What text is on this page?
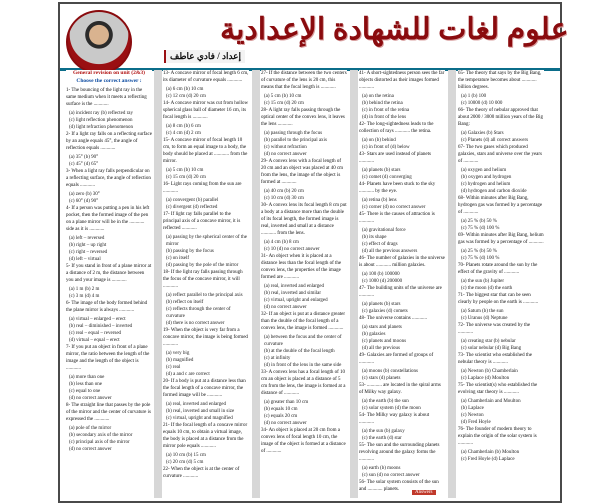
إعداد / فادي عاطف
علوم لغات للشهادة الإعدادية
General revision on unit (2&3)
Choose the correct answer :
1- The bouncing of the light ray in the same medium when it meets a reflecting surface is the ............
(a) incident ray (b) reflected ray
(c) light reflection phenomenon
(d) light refraction phenomenon
2- If a light ray falls on a reflecting surface by an angle equals 45°, the angle of reflection equals ............
(a) 35° (b) 90°
(c) 45° (d) 65°
3- When a light ray falls perpendicular on a reflecting surface, the angle of reflection equals ............
(a) zero (b) 30°
(c) 60° (d) 90°
4- If a person was putting a pen in his left pocket, then the formed image of the pen on a plane mirror will be in the ............ side as it is ............
(a) left – reversed
(b) right – up right
(c) right – reversed
(d) left – virtual
5- If you stand in front of a plane mirror at a distance of 2 m, the distance between you and your image is ............
(a) 1 m (b) 2 m
(c) 3 m (d) 4 m
6- The image of the body formed behind the plane mirror is always ............
(a) virtual – enlarged – erect
(b) real – diminished – inverted
(c) real – equal – reversed
(d) virtual – equal – erect
7- If you put an object in front of a plane mirror, the ratio between the length of the image and the length of the object is ............
(a) more than one
(b) less than one
(c) equal to one
(d) no correct answer
8- The straight line that passes by the pole of the mirror and the center of curvature is expressed the ............
(a) pole of the mirror
(b) secondary axis of the mirror
(c) principal axis of the mirror
(d) no correct answer
13- A concave mirror of focal length 6 cm, its diameter of curvature equals ............
(a) 6 cm (b) 10 cm
(c) 12 cm (d) 20 cm
14- A concave mirror was cut from hollow spherical glass ball of diameter 16 cm, its focal length is ............
(a) 8 cm (b) 6 cm
(c) 4 cm (d) 2 cm
15- A concave mirror of focal length 10 cm, to form an equal image to a body, the body should be placed at ............ from the mirror.
(a) 5 cm (b) 10 cm
(c) 15 cm (d) 20 cm
16- Light rays coming from the sun are ............
(a) convergent (b) parallel
(c) divergent (d) reflected
17- If light ray falls parallel to the principal axis of a concave mirror, it is reflected ............
(a) passing by the spherical center of the mirror
(b) passing by the focus
(c) on itself
(d) passing by the pole of the mirror
18- If the light ray falls passing through the focus of the concave mirror, it will ............
(a) reflect parallel to the principal axis
(b) reflect on itself
(c) reflects through the center of curvature
(d) there is no correct answer
19- When the object is very far from a concave mirror, the image is being formed ............
(a) very big
(b) magnified
(c) real
(d) a and c are correct
20- If a body is put at a distance less than the focal length of a concave mirror, the formed image will be ............
(a) real, inverted and enlarged
(b) real, inverted and small in size
(c) virtual, upright and magnified
21- If the focal length of a concave mirror equals 10 cm, to obtain a virtual image, the body is placed at a distance from the mirror pole equals ............
(a) 10 cm (b) 15 cm
(c) 20 cm (d) 5 cm
22- When the object is at the center of curvature ............
27- If the distance between the two centers of curvature of the lens is 20 cm, this means that the focal length is ............
(a) 5 cm (b) 10 cm
(c) 15 cm (d) 20 cm
28- A light ray falls passing through the optical center of the convex lens, it leaves the lens ............
(a) passing through the focus
(b) parallel to the principal axis
(c) without refraction
(d) no correct answer
29- A convex lens with a focal length of 20 cm and an object was placed at 40 cm from the lens, the image of the object is formed at ............
(a) 40 cm (b) 20 cm
(c) 10 cm (d) 30 cm
30- A convex lens its focal length 8 cm put a body at a distance more than the double of its focal length, the formed image is real, inverted and small at a distance ............ from the lens.
(a) 4 cm (b) 8 cm
(c) 10 (d) no correct answer
31- An object when it is placed at a distance less than the focal length of the convex lens, the properties of the image formed are ............
(a) real, inverted and enlarged
(b) real, inverted and similar
(c) virtual, upright and enlarged
(d) no correct answer
32- If an object is put at a distance greater than the double of the focal length of a convex lens, the image is formed ............
(a) between the focus and the center of curvature
(b) at the double of the focal length
(c) at infinity
(d) in front of the lens in the same side
33- A convex lens has a focal length of 10 cm an object is placed at a distance of 5 cm from the lens, the image is formed at a distance of ............
(a) greater than 10 cm
(b) equals 10 cm
(c) equals 20 cm
(d) no correct answer
34- An object is placed at 20 cm from a convex lens of focal length 10 cm, the image of the object is formed at a distance of ............
41- A short-sightedness person sees the far objects distorted as their images formed ............
(a) on the retina
(b) behind the retina
(c) in front of the retina
(d) in front of the lens
42- The long-sightedness leads to the collection of rays ............ the retina.
(a) on (b) behind
(c) in front of (d) below
43- Stars are used instead of planets ............
(a) planets (b) stars
(c) comet (d) converging
44- Planets have been stuck to the sky ............ by the eye.
(a) retina (b) lens
(c) corner (d) no correct answer
45- There is the causes of attraction is ............
(a) gravitational force
(b) its shape
(c) effect of drags
(d) all the previous answers
46- The number of galaxies in the universe is about ............ million galaxies.
(a) 100 (b) 100000
(c) 1000 (d) 200000
47- The building units of the universe are ............
(a) planets (b) stars
(c) galaxies (d) comets
48- The universe contains ............
(a) stars and planets
(b) galaxies
(c) planets and moons
(d) all the previous
49- Galaxies are formed of groups of ............
(a) moons (b) constellations
(c) stars (d) planets
53- ............ are located in the spiral arms of Milky way galaxy.
(a) the earth (b) the sun
(c) solar system (d) the moon
54- The Milky way galaxy is about ............
(a) the sun (b) galaxy
(c) the earth (d) star
55- The sun and the surrounding planets revolving around the galaxy forms the ............
(a) earth (b) moons
(c) sun (d) no correct answer
56- The solar system consists of the sun and ............ planets.
65- The theory that says by the Big Bang, the temperature becomes about ............ billion degrees.
(a) 1 (b) 100
(c) 10000 (d) 10 000
66- The theory of nebular approved that about 2000 / 3000 million years of the Big Bang:
(a) Galaxies (b) Stars
(c) Planets (d) all correct answers
67- The two gases which produced galaxies, stars and universe over the years of ............
(a) oxygen and helium
(b) oxygen and hydrogen
(c) hydrogen and helium
(d) hydrogen and carbon dioxide
68- Within minutes after Big Bang, hydrogen gas was formed by a percentage of ............
(a) 25 % (b) 50 %
(c) 75 % (d) 100 %
69- Within minutes after Big Bang, helium gas was formed by a percentage of ............
(a) 25 % (b) 50 %
(c) 75 % (d) 100 %
70- Planets rotate around the sun by the effect of the gravity of ............
(a) the sun (b) Jupiter
(c) the moon (d) the earth
71- The biggest star that can be seen clearly by people on the earth is ............
(a) Saturn (b) the sun
(c) Uranus (d) Neptune
72- The universe was created by the ............
(a) creating star (b) nebular
(c) solar nebular (d) Big Bang
73- The scientist who established the nebular theory is ............
(a) Newton (b) Chamberlain
(c) Laplace (d) Moulton
75- The scientist(s) who established the evolving star theory is ............
(a) Chamberlain and Moulton
(b) Laplace
(c) Newton
(d) Fred Hoyle
76- The founder of modern theory to explain the origin of the solar system is ............
(a) Chamberlain (b) Moulton
(c) Fred Hoyle (d) Laplace
Answers
